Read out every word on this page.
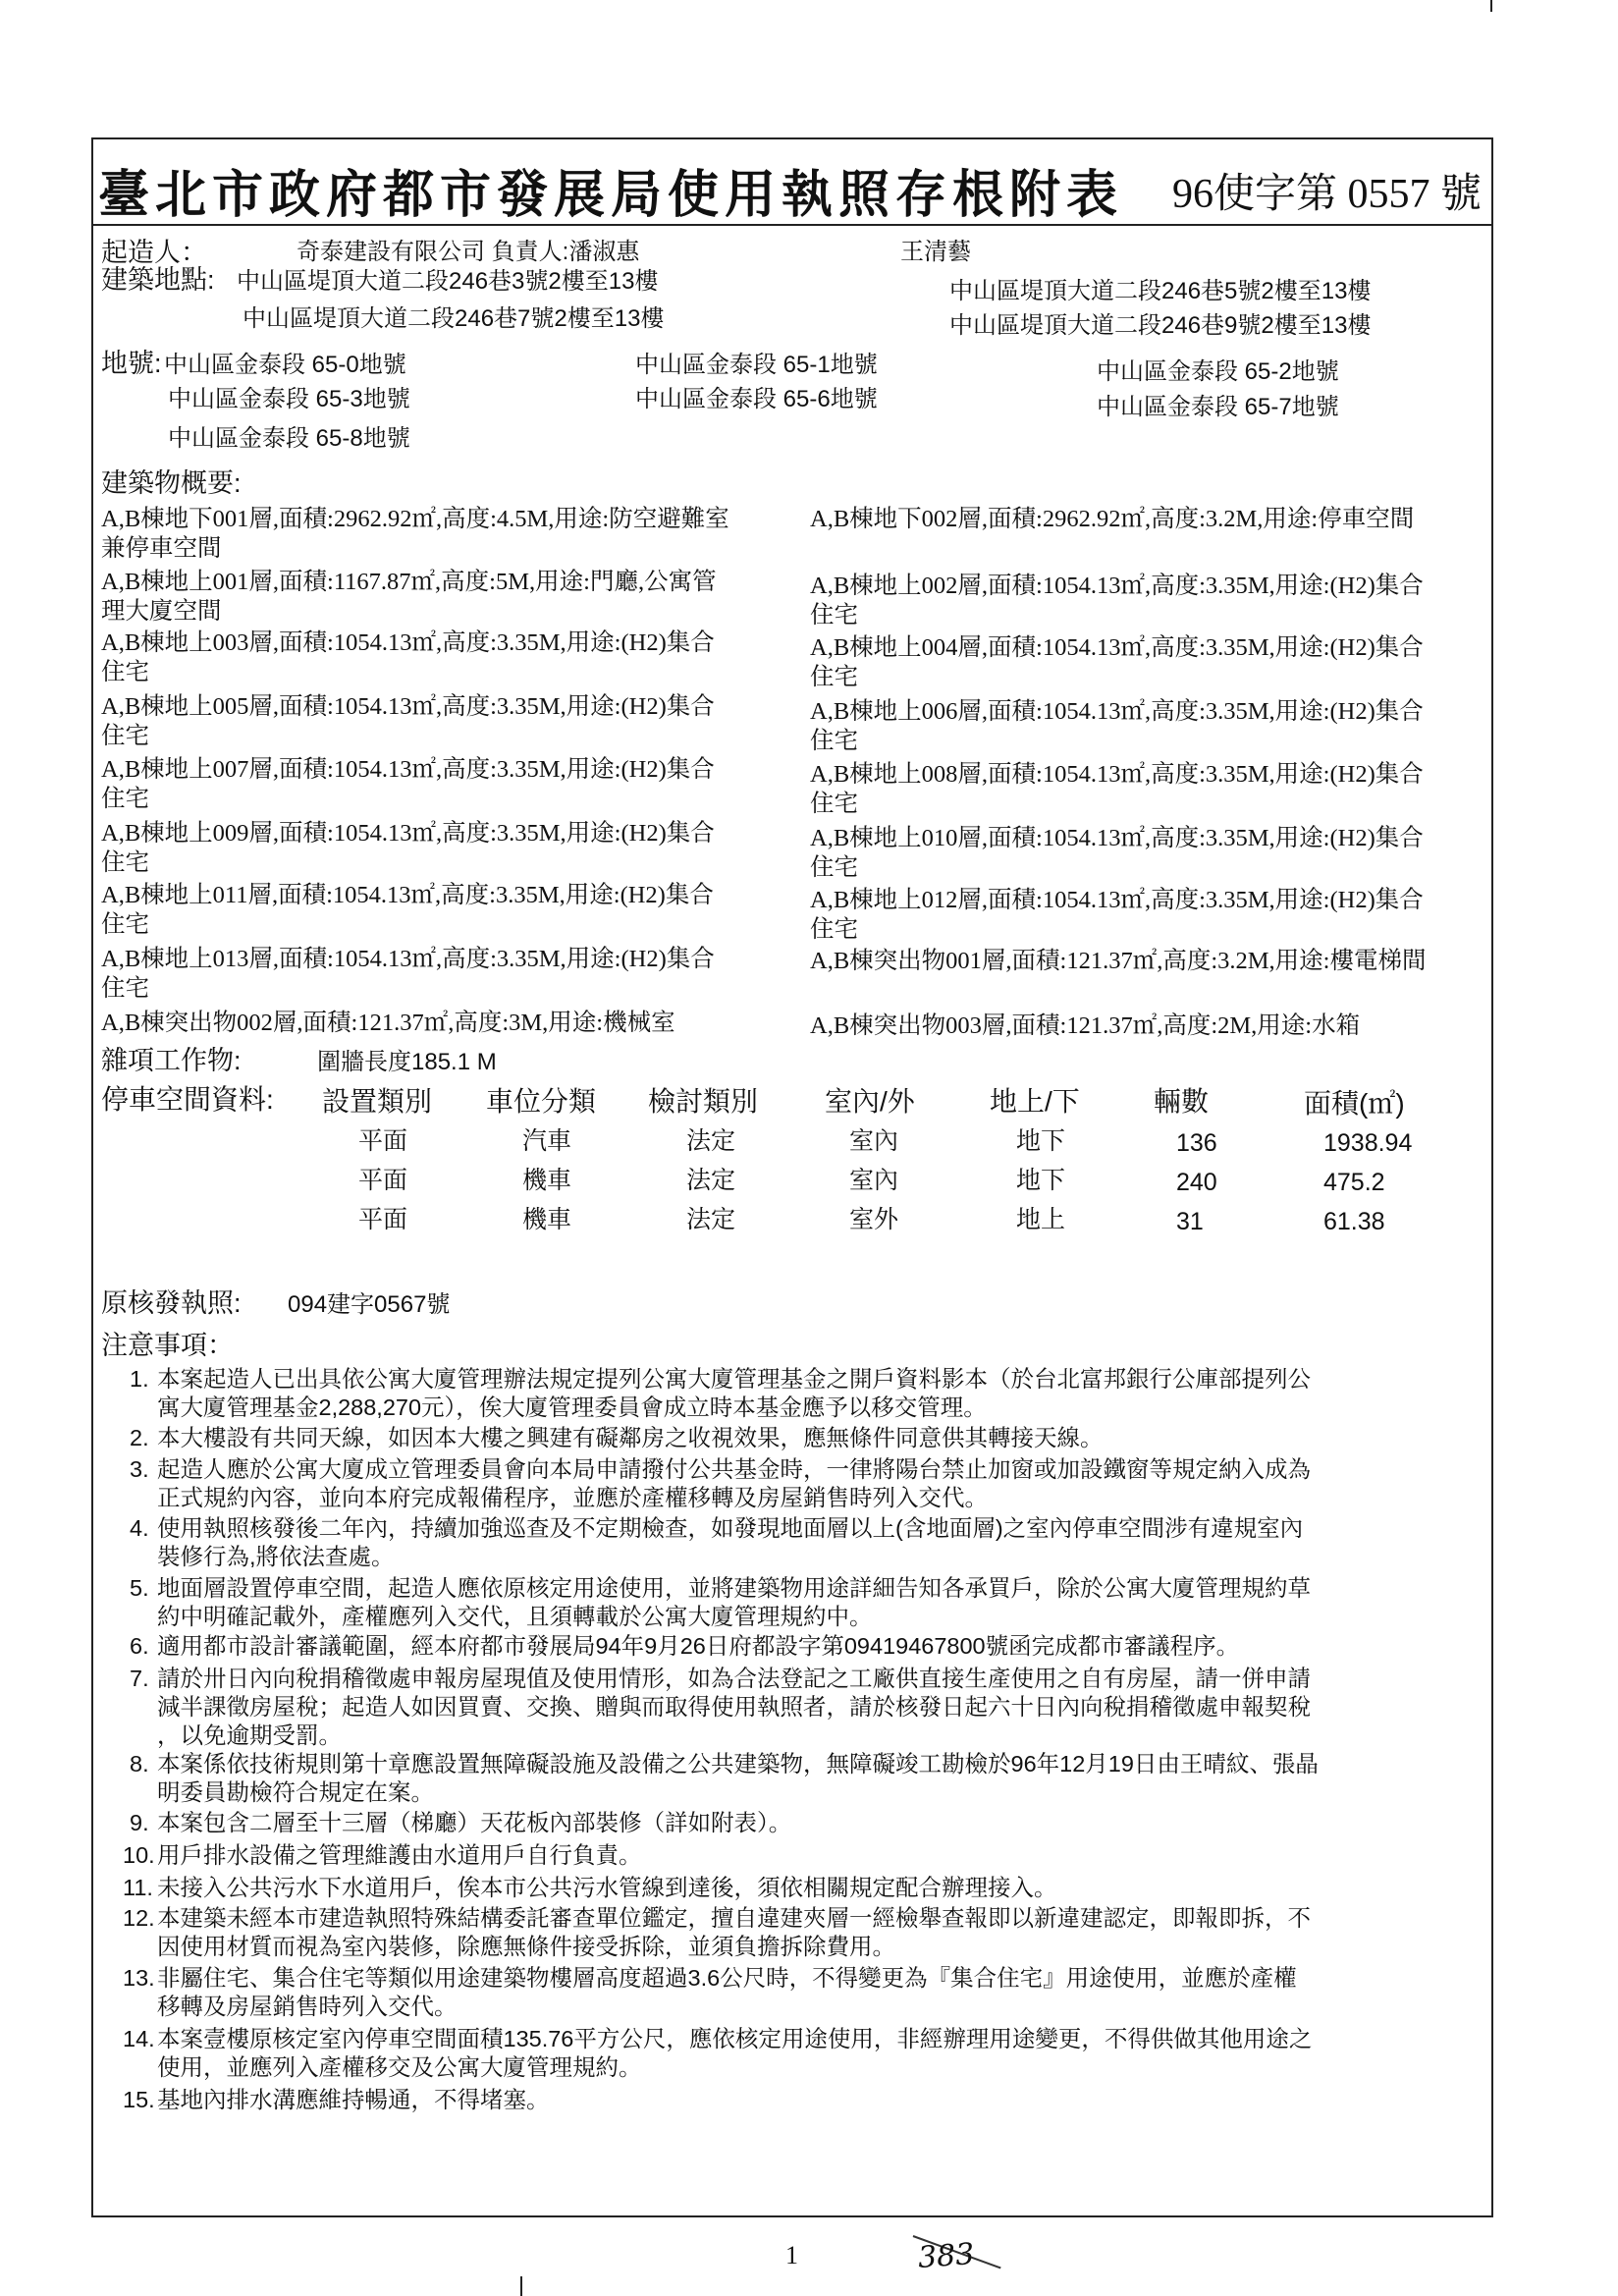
臺北市政府都市發展局使用執照存根附表 96使字第 0557 號
起造人：	奇泰建設有限公司 負責人:潘淑惠	王清藝
建築地點: 中山區堤頂大道二段246巷3號2樓至13樓	中山區堤頂大道二段246巷5號2樓至13樓
中山區堤頂大道二段246巷7號2樓至13樓	中山區堤頂大道二段246巷9號2樓至13樓
地號: 中山區金泰段 65-0地號	中山區金泰段 65-1地號	中山區金泰段 65-2地號
中山區金泰段 65-3地號	中山區金泰段 65-6地號	中山區金泰段 65-7地號
中山區金泰段 65-8地號
建築物概要:
A,B棟地下001層,面積:2962.92㎡,高度:4.5M,用途:防空避難室
兼停車空間
A,B棟地下002層,面積:2962.92㎡,高度:3.2M,用途:停車空間
A,B棟地上001層,面積:1167.87㎡,高度:5M,用途:門廳,公寓管
理大廈空間
A,B棟地上002層,面積:1054.13㎡,高度:3.35M,用途:(H2)集合
住宅
A,B棟地上003層,面積:1054.13㎡,高度:3.35M,用途:(H2)集合
住宅
A,B棟地上004層,面積:1054.13㎡,高度:3.35M,用途:(H2)集合
住宅
A,B棟地上005層,面積:1054.13㎡,高度:3.35M,用途:(H2)集合
住宅
A,B棟地上006層,面積:1054.13㎡,高度:3.35M,用途:(H2)集合
住宅
A,B棟地上007層,面積:1054.13㎡,高度:3.35M,用途:(H2)集合
住宅
A,B棟地上008層,面積:1054.13㎡,高度:3.35M,用途:(H2)集合
住宅
A,B棟地上009層,面積:1054.13㎡,高度:3.35M,用途:(H2)集合
住宅
A,B棟地上010層,面積:1054.13㎡,高度:3.35M,用途:(H2)集合
住宅
A,B棟地上011層,面積:1054.13㎡,高度:3.35M,用途:(H2)集合
住宅
A,B棟地上012層,面積:1054.13㎡,高度:3.35M,用途:(H2)集合
住宅
A,B棟地上013層,面積:1054.13㎡,高度:3.35M,用途:(H2)集合
住宅
A,B棟突出物001層,面積:121.37㎡,高度:3.2M,用途:樓電梯間
A,B棟突出物002層,面積:121.37㎡,高度:3M,用途:機械室	A,B棟突出物003層,面積:121.37㎡,高度:2M,用途:水箱
雜項工作物:	圍牆長度185.1 M
停車空間資料: 設置類別 車位分類 檢討類別 室內/外	地上/下	輛數	面積(㎡)
平面	汽車	法定	室內	地下	136	1938.94
平面	機車	法定	室內	地下	240	475.2
平面	機車	法定	室外	地上	31	61.38
原核發執照: 094建字0567號
注意事項：
1. 本案起造人已出具依公寓大廈管理辦法規定提列公寓大廈管理基金之開戶資料影本（於台北富邦銀行公庫部提列公
寓大廈管理基金2,288,270元），俟大廈管理委員會成立時本基金應予以移交管理。
2. 本大樓設有共同天線，如因本大樓之興建有礙鄰房之收視效果，應無條件同意供其轉接天線。
3. 起造人應於公寓大廈成立管理委員會向本局申請撥付公共基金時，一律將陽台禁止加窗或加設鐵窗等規定納入成為
正式規約內容，並向本府完成報備程序，並應於產權移轉及房屋銷售時列入交代。
4. 使用執照核發後二年內，持續加強巡查及不定期檢查，如發現地面層以上(含地面層)之室內停車空間涉有違規室內
裝修行為,將依法查處。
5. 地面層設置停車空間，起造人應依原核定用途使用，並將建築物用途詳細告知各承買戶，除於公寓大廈管理規約草
約中明確記載外，產權應列入交代，且須轉載於公寓大廈管理規約中。
6. 適用都市設計審議範圍，經本府都市發展局94年9月26日府都設字第09419467800號函完成都市審議程序。
7. 請於卅日內向稅捐稽徵處申報房屋現值及使用情形，如為合法登記之工廠供直接生產使用之自有房屋，請一併申請
減半課徵房屋稅；起造人如因買賣、交換、贈與而取得使用執照者，請於核發日起六十日內向稅捐稽徵處申報契稅
，以免逾期受罰。
8. 本案係依技術規則第十章應設置無障礙設施及設備之公共建築物，無障礙竣工勘檢於96年12月19日由王晴紋、張晶
明委員勘檢符合規定在案。
9. 本案包含二層至十三層（梯廳）天花板內部裝修（詳如附表）。
10.用戶排水設備之管理維護由水道用戶自行負責。
11. 未接入公共污水下水道用戶，俟本市公共污水管線到達後，須依相關規定配合辦理接入。
12.本建築未經本市建造執照特殊結構委託審查單位鑑定，擅自違建夾層一經檢舉查報即以新違建認定，即報即拆，不
因使用材質而視為室內裝修，除應無條件接受拆除，並須負擔拆除費用。
13.非屬住宅、集合住宅等類似用途建築物樓層高度超過3.6公尺時，不得變更為『集合住宅』用途使用，並應於產權
移轉及房屋銷售時列入交代。
14.本案壹樓原核定室內停車空間面積135.76平方公尺，應依核定用途使用，非經辦理用途變更，不得供做其他用途之
使用，並應列入產權移交及公寓大廈管理規約。
15.基地內排水溝應維持暢通，不得堵塞。
1	383
